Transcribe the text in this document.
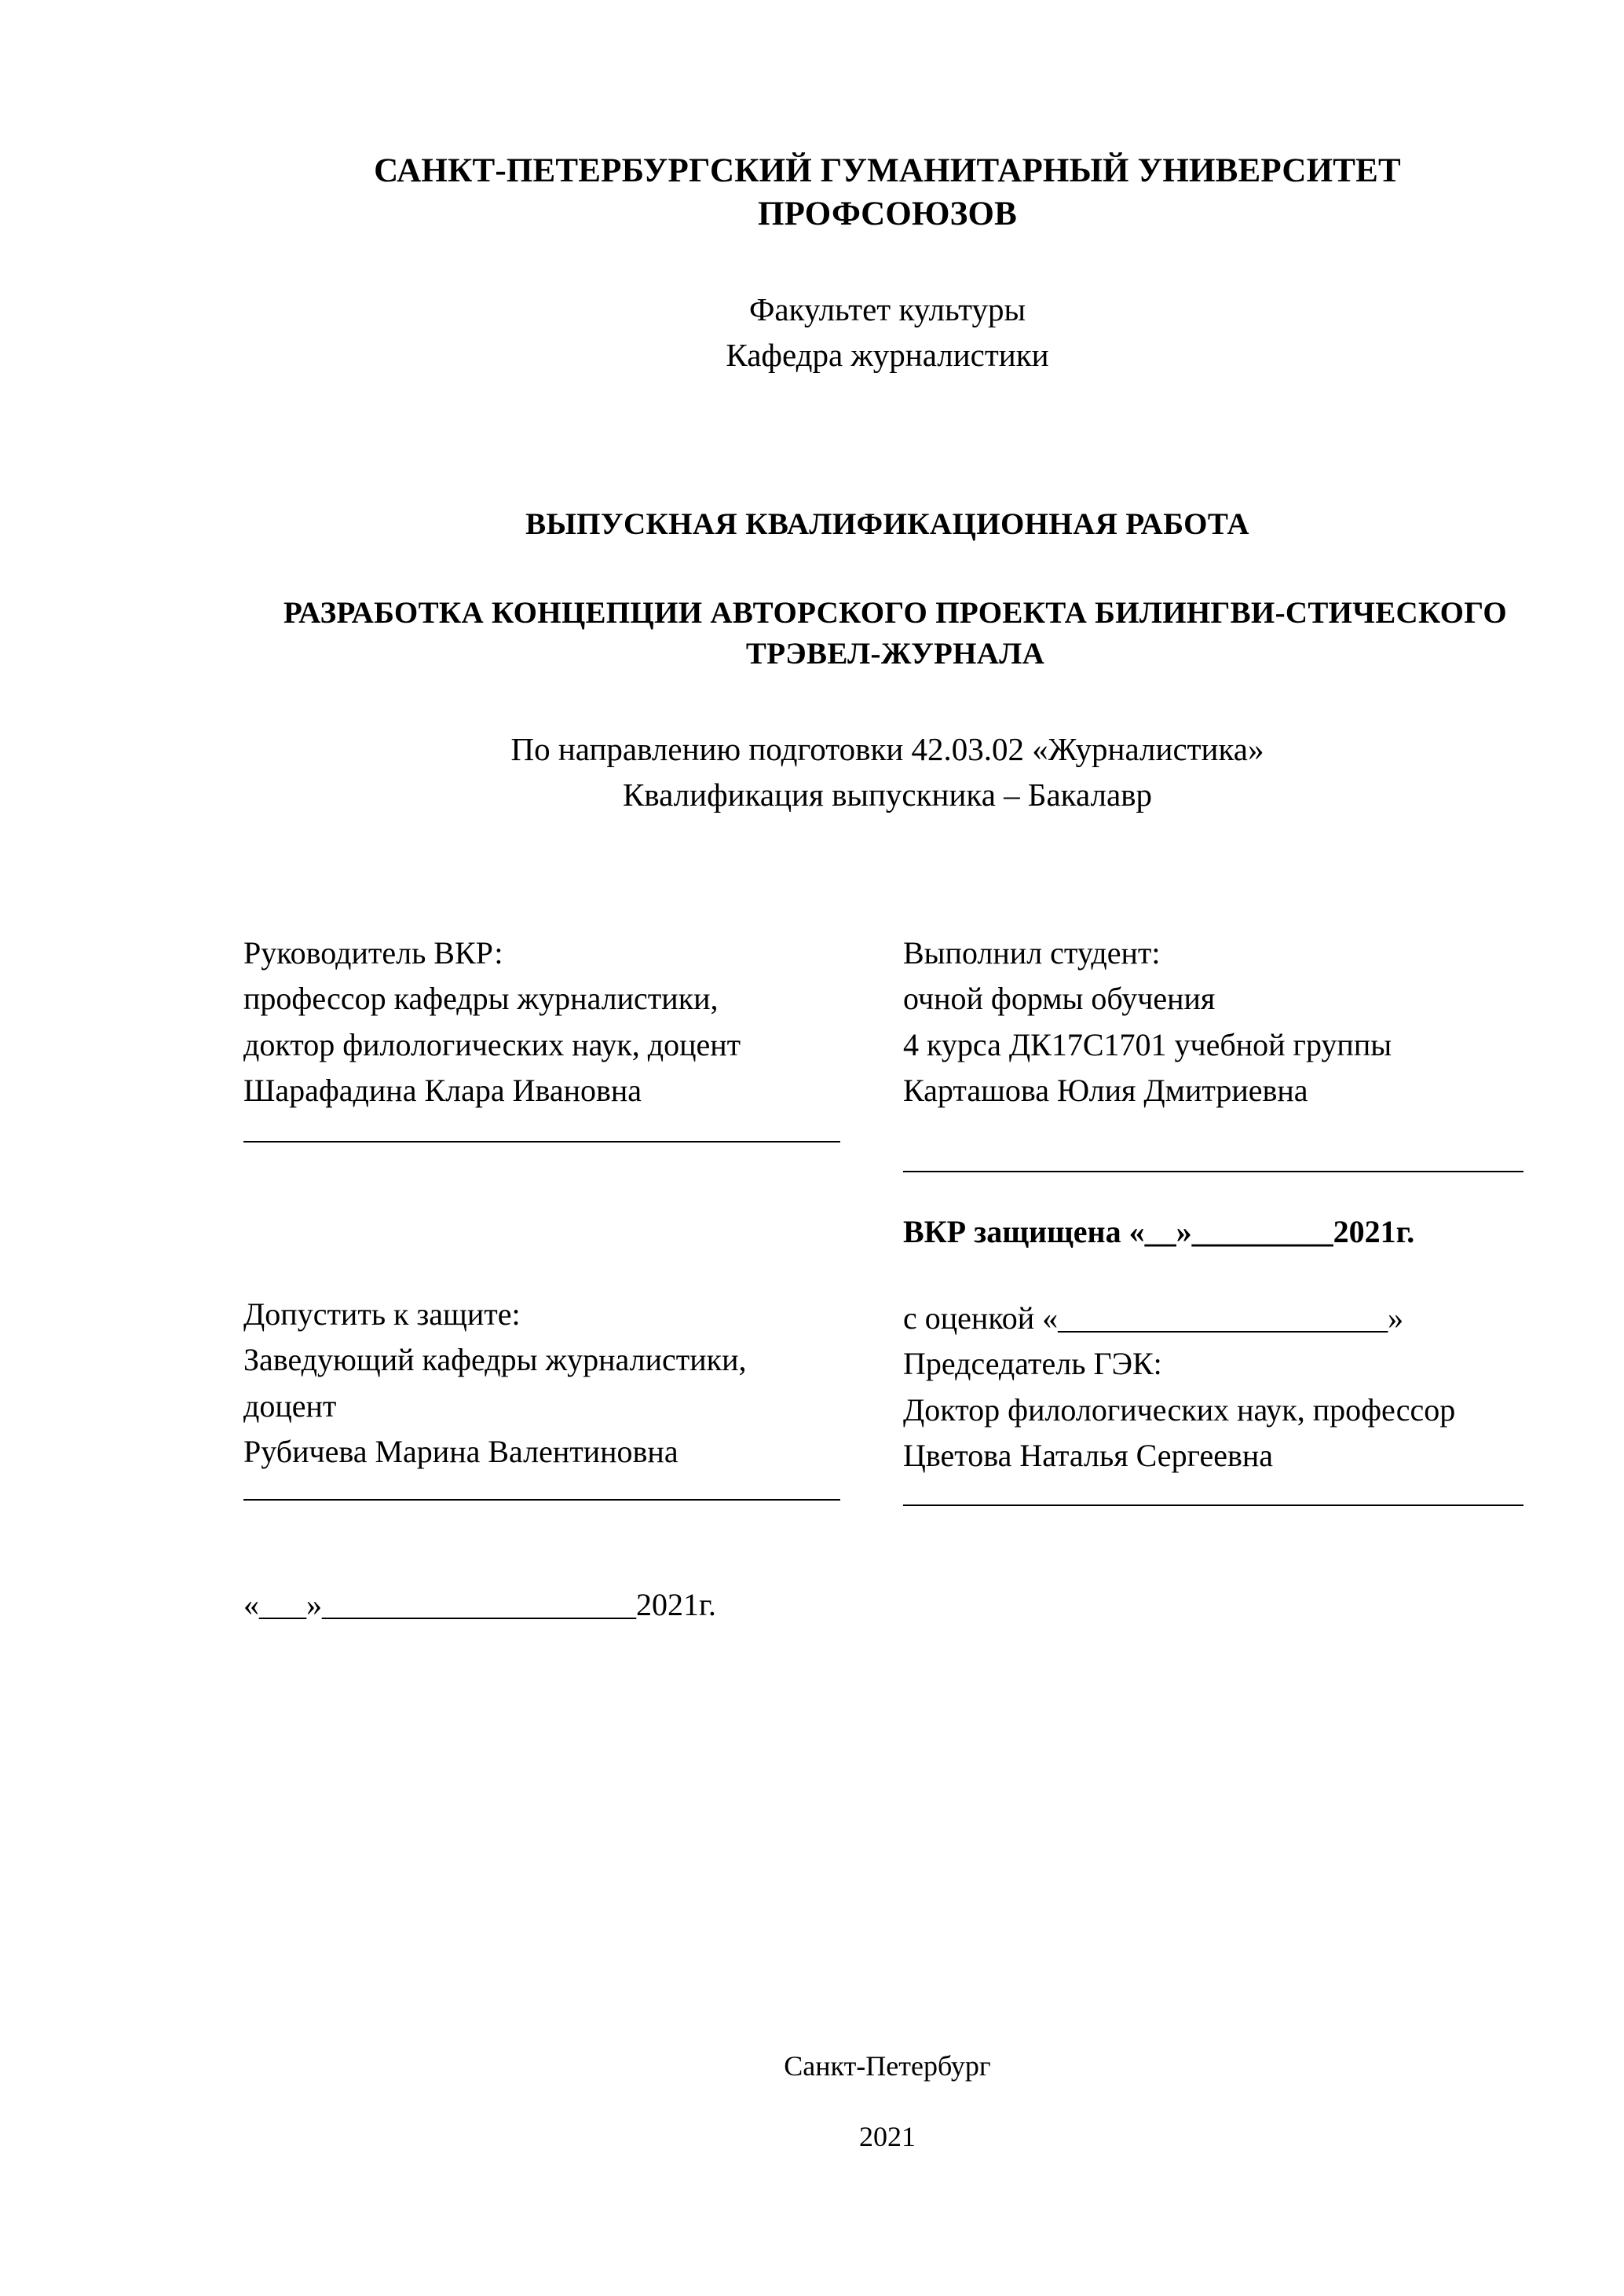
САНКТ-ПЕТЕРБУРГСКИЙ ГУМАНИТАРНЫЙ УНИВЕРСИТЕТ ПРОФСОЮЗОВ
Факультет культуры
Кафедра журналистики
ВЫПУСКНАЯ КВАЛИФИКАЦИОННАЯ РАБОТА
РАЗРАБОТКА КОНЦЕПЦИИ АВТОРСКОГО ПРОЕКТА БИЛИНГВИ-СТИЧЕСКОГО ТРЭВЕЛ-ЖУРНАЛА
По направлению подготовки 42.03.02 «Журналистика»
Квалификация выпускника – Бакалавр
Руководитель ВКР:
профессор кафедры журналистики,
доктор филологических наук, доцент
Шарафадина Клара Ивановна
Допустить к защите:
Заведующий кафедры журналистики,
доцент
Рубичева Марина Валентиновна
«___»____________________2021г.
Выполнил студент:
очной формы обучения
4 курса ДК17С1701 учебной группы
Карташова Юлия Дмитриевна
ВКР защищена «__»_________2021г.
с оценкой «_____________________»
Председатель ГЭК:
Доктор филологических наук, профессор
Цветова Наталья Сергеевна
Санкт-Петербург
2021
